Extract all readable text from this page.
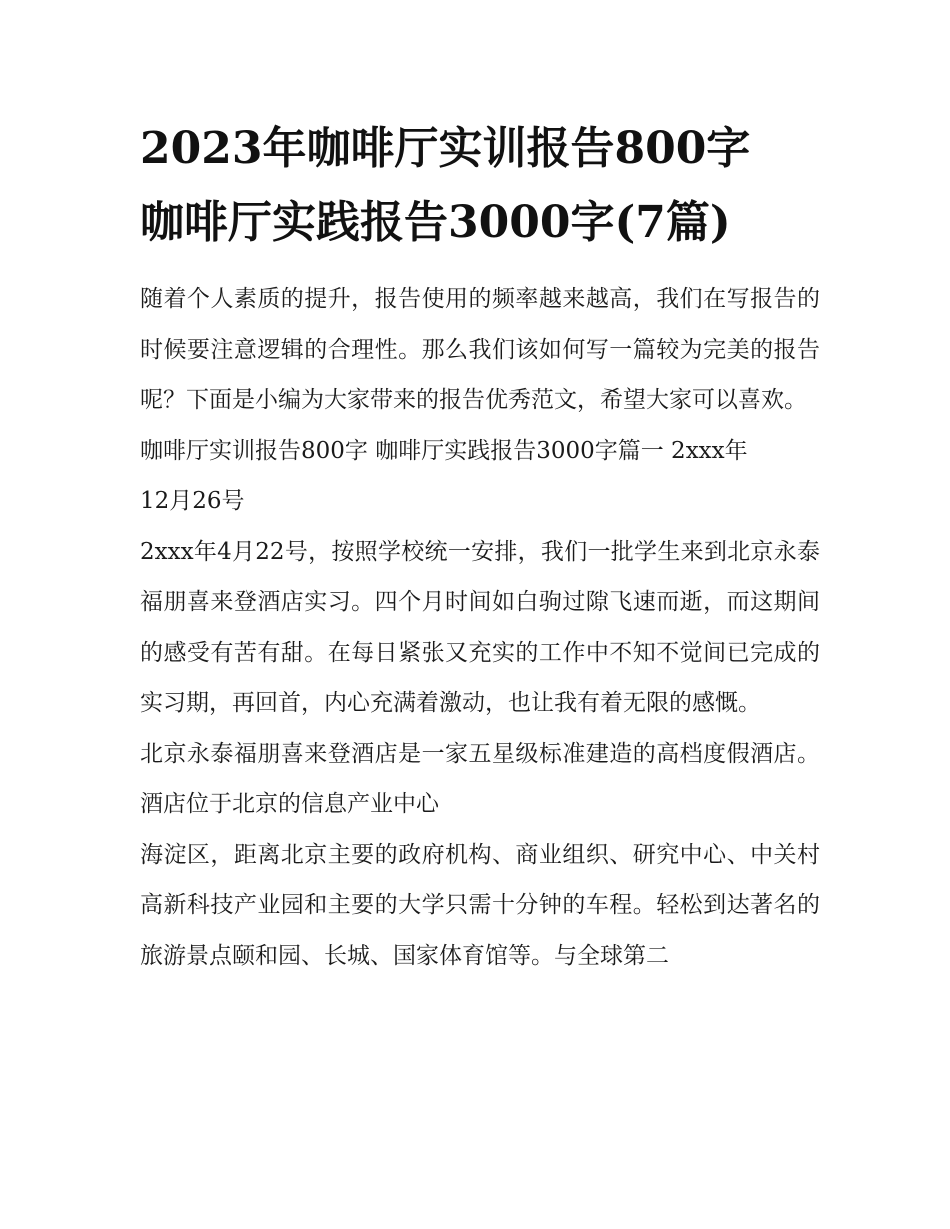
2023年咖啡厅实训报告800字
咖啡厅实践报告3000字(7篇)

随着个人素质的提升，报告使用的频率越来越高，我们在写报告的时候要注意逻辑的合理性。那么我们该如何写一篇较为完美的报告呢？下面是小编为大家带来的报告优秀范文，希望大家可以喜欢。

咖啡厅实训报告800字 咖啡厅实践报告3000字篇一 2xxx年

12月26号

2xxx年4月22号，按照学校统一安排，我们一批学生来到北京永泰福朋喜来登酒店实习。四个月时间如白驹过隙飞速而逝，而这期间的感受有苦有甜。在每日紧张又充实的工作中不知不觉间已完成的实习期，再回首，内心充满着激动，也让我有着无限的感慨。

北京永泰福朋喜来登酒店是一家五星级标准建造的高档度假酒店。酒店位于北京的信息产业中心

海淀区，距离北京主要的政府机构、商业组织、研究中心、中关村高新科技产业园和主要的大学只需十分钟的车程。轻松到达著名的旅游景点颐和园、长城、国家体育馆等。与全球第二
